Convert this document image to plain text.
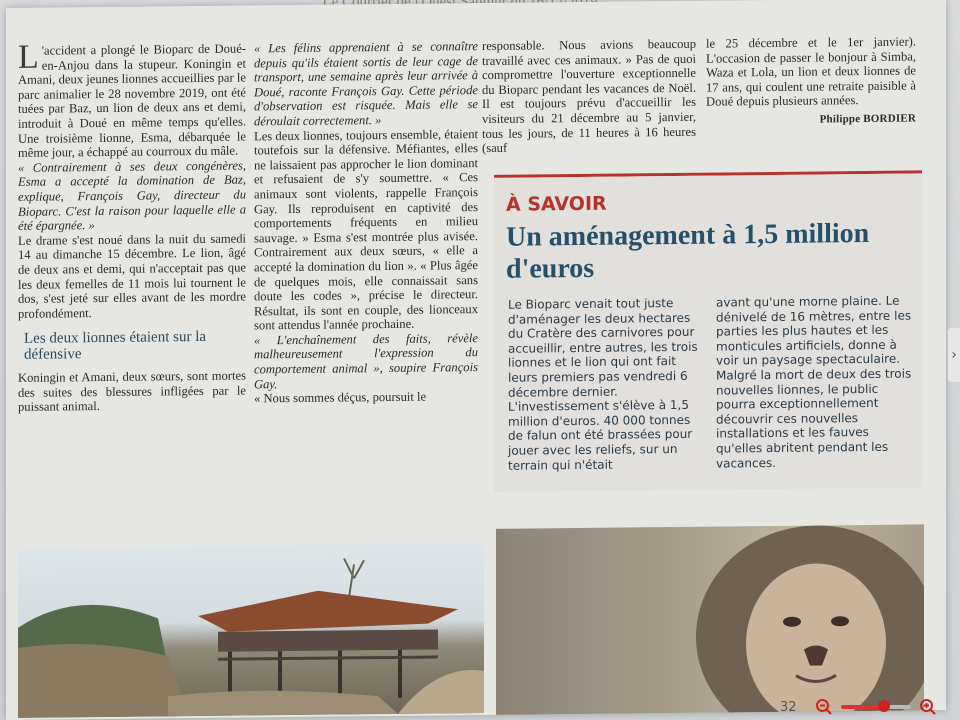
L 'accident a plongé le Bioparc de Doué-en-Anjou dans la stupeur. Koningin et Amani, deux jeunes lionnes accueillies par le parc animalier le 28 novembre 2019, ont été tuées par Baz, un lion de deux ans et demi, introduit à Doué en même temps qu'elles. Une troisième lionne, Esma, débarquée le même jour, a échappé au courroux du mâle.

« Contrairement à ses deux congénères, Esma a accepté la domination de Baz, explique, François Gay, directeur du Bioparc. C'est la raison pour laquelle elle a été épargnée. »

Le drame s'est noué dans la nuit du samedi 14 au dimanche 15 décembre. Le lion, âgé de deux ans et demi, qui n'acceptait pas que les deux femelles de 11 mois lui tournent le dos, s'est jeté sur elles avant de les mordre profondément.

Les deux lionnes étaient sur la défensive

Koningin et Amani, deux sœurs, sont mortes des suites des blessures infligées par le puissant animal.

« Les félins apprenaient à se connaître depuis qu'ils étaient sortis de leur cage de transport, une semaine après leur arrivée à Doué, raconte François Gay. Cette période d'observation est risquée. Mais elle se déroulait correctement. »

Les deux lionnes, toujours ensemble, étaient toutefois sur la défensive. Méfiantes, elles ne laissaient pas approcher le lion dominant et refusaient de s'y soumettre. « Ces animaux sont violents, rappelle François Gay. Ils reproduisent en captivité des comportements fréquents en milieu sauvage. » Esma s'est montrée plus avisée. Contrairement aux deux sœurs, « elle a accepté la domination du lion ». « Plus âgée de quelques mois, elle connaissait sans doute les codes », précise le directeur. Résultat, ils sont en couple, des lionceaux sont attendus l'année prochaine.

« L'enchaînement des faits, révèle malheureusement l'expression du comportement animal », soupire François Gay.

« Nous sommes déçus, poursuit le

responsable. Nous avions beaucoup travaillé avec ces animaux. » Pas de quoi compromettre l'ouverture exceptionnelle du Bioparc pendant les vacances de Noël. Il est toujours prévu d'accueillir les visiteurs du 21 décembre au 5 janvier, tous les jours, de 11 heures à 16 heures (sauf

le 25 décembre et le 1er janvier). L'occasion de passer le bonjour à Simba, Waza et Lola, un lion et deux lionnes de 17 ans, qui coulent une retraite paisible à Doué depuis plusieurs années.

Philippe BORDIER

À SAVOIR
Un aménagement à 1,5 million d'euros

Le Bioparc venait tout juste d'aménager les deux hectares du Cratère des carnivores pour accueillir, entre autres, les trois lionnes et le lion qui ont fait leurs premiers pas vendredi 6 décembre dernier. L'investissement s'élève à 1,5 million d'euros. 40 000 tonnes de falun ont été brassées pour jouer avec les reliefs, sur un terrain qui n'était

avant qu'une morne plaine. Le dénivelé de 16 mètres, entre les parties les plus hautes et les monticules artificiels, donne à voir un paysage spectaculaire. Malgré la mort de deux des trois nouvelles lionnes, le public pourra exceptionnellement découvrir ces nouvelles installations et les fauves qu'elles abritent pendant les vacances.

›
32
